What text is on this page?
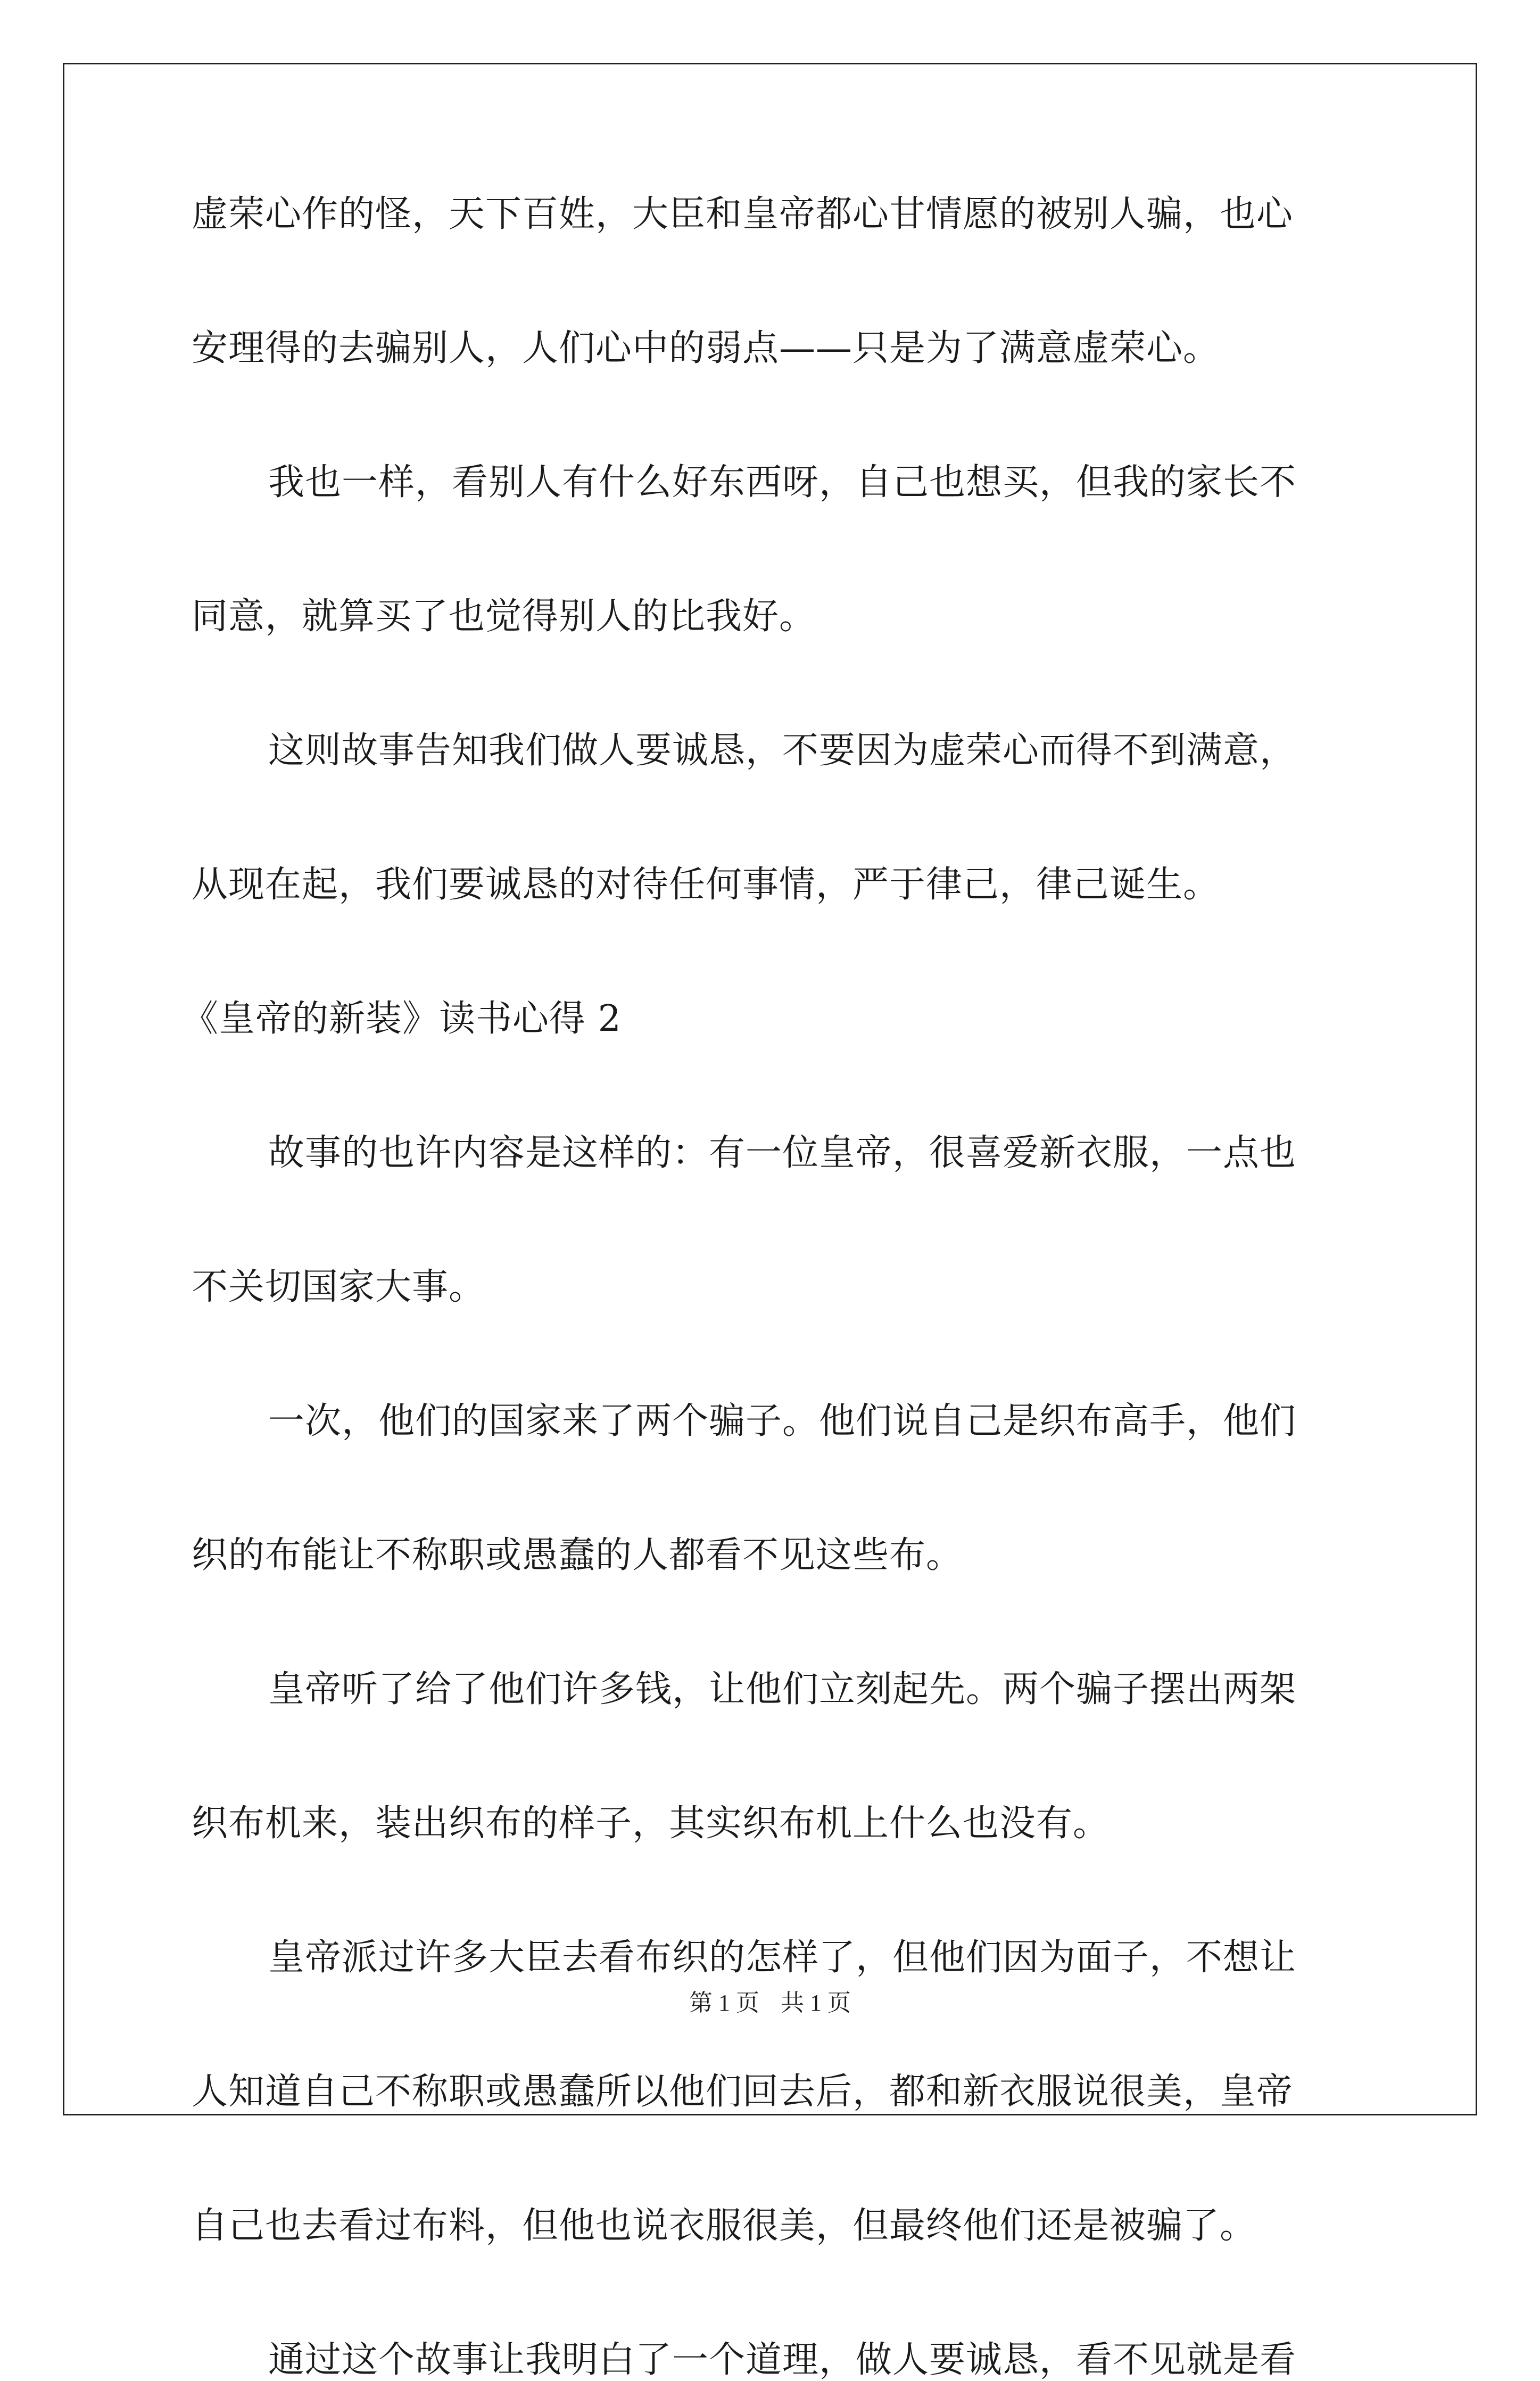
虚荣心作的怪，天下百姓，大臣和皇帝都心甘情愿的被别人骗，也心
安理得的去骗别人，人们心中的弱点——只是为了满意虚荣心。
我也一样，看别人有什么好东西呀，自己也想买，但我的家长不
同意，就算买了也觉得别人的比我好。
这则故事告知我们做人要诚恳，不要因为虚荣心而得不到满意，
从现在起，我们要诚恳的对待任何事情，严于律己，律己诞生。
《皇帝的新装》读书心得 2
故事的也许内容是这样的：有一位皇帝，很喜爱新衣服，一点也
不关切国家大事。
一次，他们的国家来了两个骗子。他们说自己是织布高手，他们
织的布能让不称职或愚蠢的人都看不见这些布。
皇帝听了给了他们许多钱，让他们立刻起先。两个骗子摆出两架
织布机来，装出织布的样子，其实织布机上什么也没有。
皇帝派过许多大臣去看布织的怎样了，但他们因为面子，不想让
人知道自己不称职或愚蠢所以他们回去后，都和新衣服说很美，皇帝
自己也去看过布料，但他也说衣服很美，但最终他们还是被骗了。
通过这个故事让我明白了一个道理，做人要诚恳，看不见就是看
第 1 页 共 1 页
